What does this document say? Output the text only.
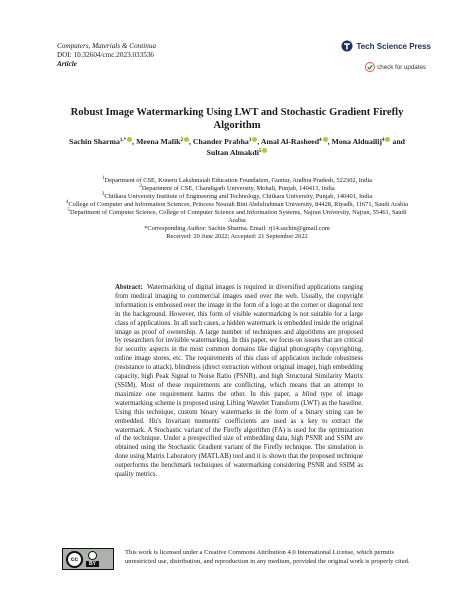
Computers, Materials & Continua
DOI: 10.32604/cmc.2023.033536
Article
Tech Science Press
check for updates
Robust Image Watermarking Using LWT and Stochastic Gradient Firefly Algorithm
Sachin Sharma$^{1,*}$ , Meena Malik$^2$ , Chander Prabha$^3$ , Amal Al-Rasheed$^4$ , Mona Alduailij$^4$ and Sultan Almakdi$^5$
$^1$Department of CSE, Koneru Lakshmaiah Education Foundation, Guntur, Andhra Pradesh, 522302, India
$^2$Department of CSE, Chandigarh University, Mohali, Punjab, 140413, India
$^3$Chitkara University Institute of Engineering and Technology, Chitkara University, Punjab, 140401, India
$^4$College of Computer and Information Sciences, Princess Nourah Bint Abdulrahman University, 84428, Riyadh, 11671, Saudi Arabia
$^5$Department of Computer Science, College of Computer Science and Information Systems, Najran University, Najran, 55461, Saudi Arabia
*Corresponding Author: Sachin Sharma. Email: rj14.sachin@gmail.com
Received: 20 June 2022; Accepted: 21 September 2022
Abstract: Watermarking of digital images is required in diversified applications ranging from medical imaging to commercial images used over the web. Usually, the copyright information is embossed over the image in the form of a logo at the corner or diagonal text in the background. However, this form of visible watermarking is not suitable for a large class of applications. In all such cases, a hidden watermark is embedded inside the original image as proof of ownership. A large number of techniques and algorithms are proposed by researchers for invisible watermarking. In this paper, we focus on issues that are critical for security aspects in the most common domains like digital photography copyrighting, online image stores, etc. The requirements of this class of application include robustness (resistance to attack), blindness (direct extraction without original image), high embedding capacity, high Peak Signal to Noise Ratio (PSNR), and high Structural Similarity Matrix (SSIM). Most of these requirements are conflicting, which means that an attempt to maximize one requirement harms the other. In this paper, a blind type of image watermarking scheme is proposed using Lifting Wavelet Transform (LWT) as the baseline. Using this technique, custom binary watermarks in the form of a binary string can be embedded. Hu's Invariant moments' coefficients are used as a key to extract the watermark. A Stochastic variant of the Firefly algorithm (FA) is used for the optimization of the technique. Under a prespecified size of embedding data, high PSNR and SSIM are obtained using the Stochastic Gradient variant of the Firefly technique. The simulation is done using Matrix Laboratory (MATLAB) tool and it is shown that the proposed technique outperforms the benchmark techniques of watermarking considering PSNR and SSIM as quality metrics.
cc
BY
This work is licensed under a Creative Commons Attribution 4.0 International License, which permits unrestricted use, distribution, and reproduction in any medium, provided the original work is properly cited.
